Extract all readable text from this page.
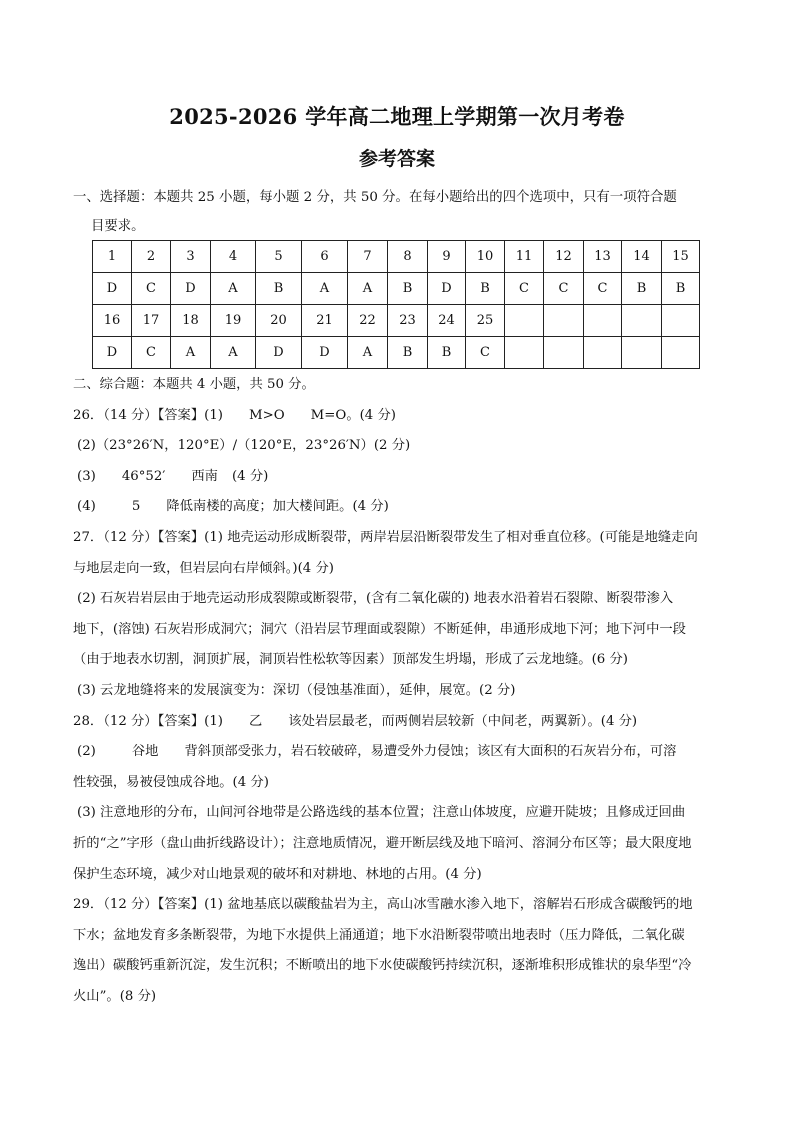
2025-2026 学年高二地理上学期第一次月考卷
参考答案
一、选择题：本题共 25 小题，每小题 2 分，共 50 分。在每小题给出的四个选项中，只有一项符合题
目要求。
1	2	3	4	5	6	7	8	9	10	11	12	13	14	15
D	C	D	A	B	A	A	B	D	B	C	C	C	B	B
16	17	18	19	20	21	22	23	24	25					
D	C	A	A	D	D	A	B	B	C					
二、综合题：本题共 4 小题，共 50 分。
26．（14 分）【答案】(1) M>O M=O。(4 分)
(2)（23°26′N，120°E）/（120°E，23°26′N）(2 分)
(3) 46°52′ 西南 (4 分)
(4)	5 降低南楼的高度；加大楼间距。(4 分)
27．（12 分）【答案】(1) 地壳运动形成断裂带，两岸岩层沿断裂带发生了相对垂直位移。(可能是地缝走向
与地层走向一致，但岩层向右岸倾斜。)(4 分)
(2) 石灰岩岩层由于地壳运动形成裂隙或断裂带，(含有二氧化碳的) 地表水沿着岩石裂隙、断裂带渗入
地下，(溶蚀) 石灰岩形成洞穴；洞穴（沿岩层节理面或裂隙）不断延伸，串通形成地下河；地下河中一段
（由于地表水切割，洞顶扩展，洞顶岩性松软等因素）顶部发生坍塌，形成了云龙地缝。(6 分)
(3) 云龙地缝将来的发展演变为：深切（侵蚀基准面），延伸，展宽。(2 分)
28．（12 分）【答案】(1) 乙 该处岩层最老，而两侧岩层较新（中间老，两翼新）。(4 分)
(2)	谷地 背斜顶部受张力，岩石较破碎，易遭受外力侵蚀；该区有大面积的石灰岩分布，可溶
性较强，易被侵蚀成谷地。(4 分)
(3) 注意地形的分布，山间河谷地带是公路选线的基本位置；注意山体坡度，应避开陡坡；且修成迂回曲
折的“之”字形（盘山曲折线路设计）；注意地质情况，避开断层线及地下暗河、溶洞分布区等；最大限度地
保护生态环境，减少对山地景观的破坏和对耕地、林地的占用。(4 分)
29．（12 分）【答案】(1) 盆地基底以碳酸盐岩为主，高山冰雪融水渗入地下，溶解岩石形成含碳酸钙的地
下水；盆地发育多条断裂带，为地下水提供上涌通道；地下水沿断裂带喷出地表时（压力降低，二氧化碳
逸出）碳酸钙重新沉淀，发生沉积；不断喷出的地下水使碳酸钙持续沉积，逐渐堆积形成锥状的泉华型“冷
火山”。(8 分)
